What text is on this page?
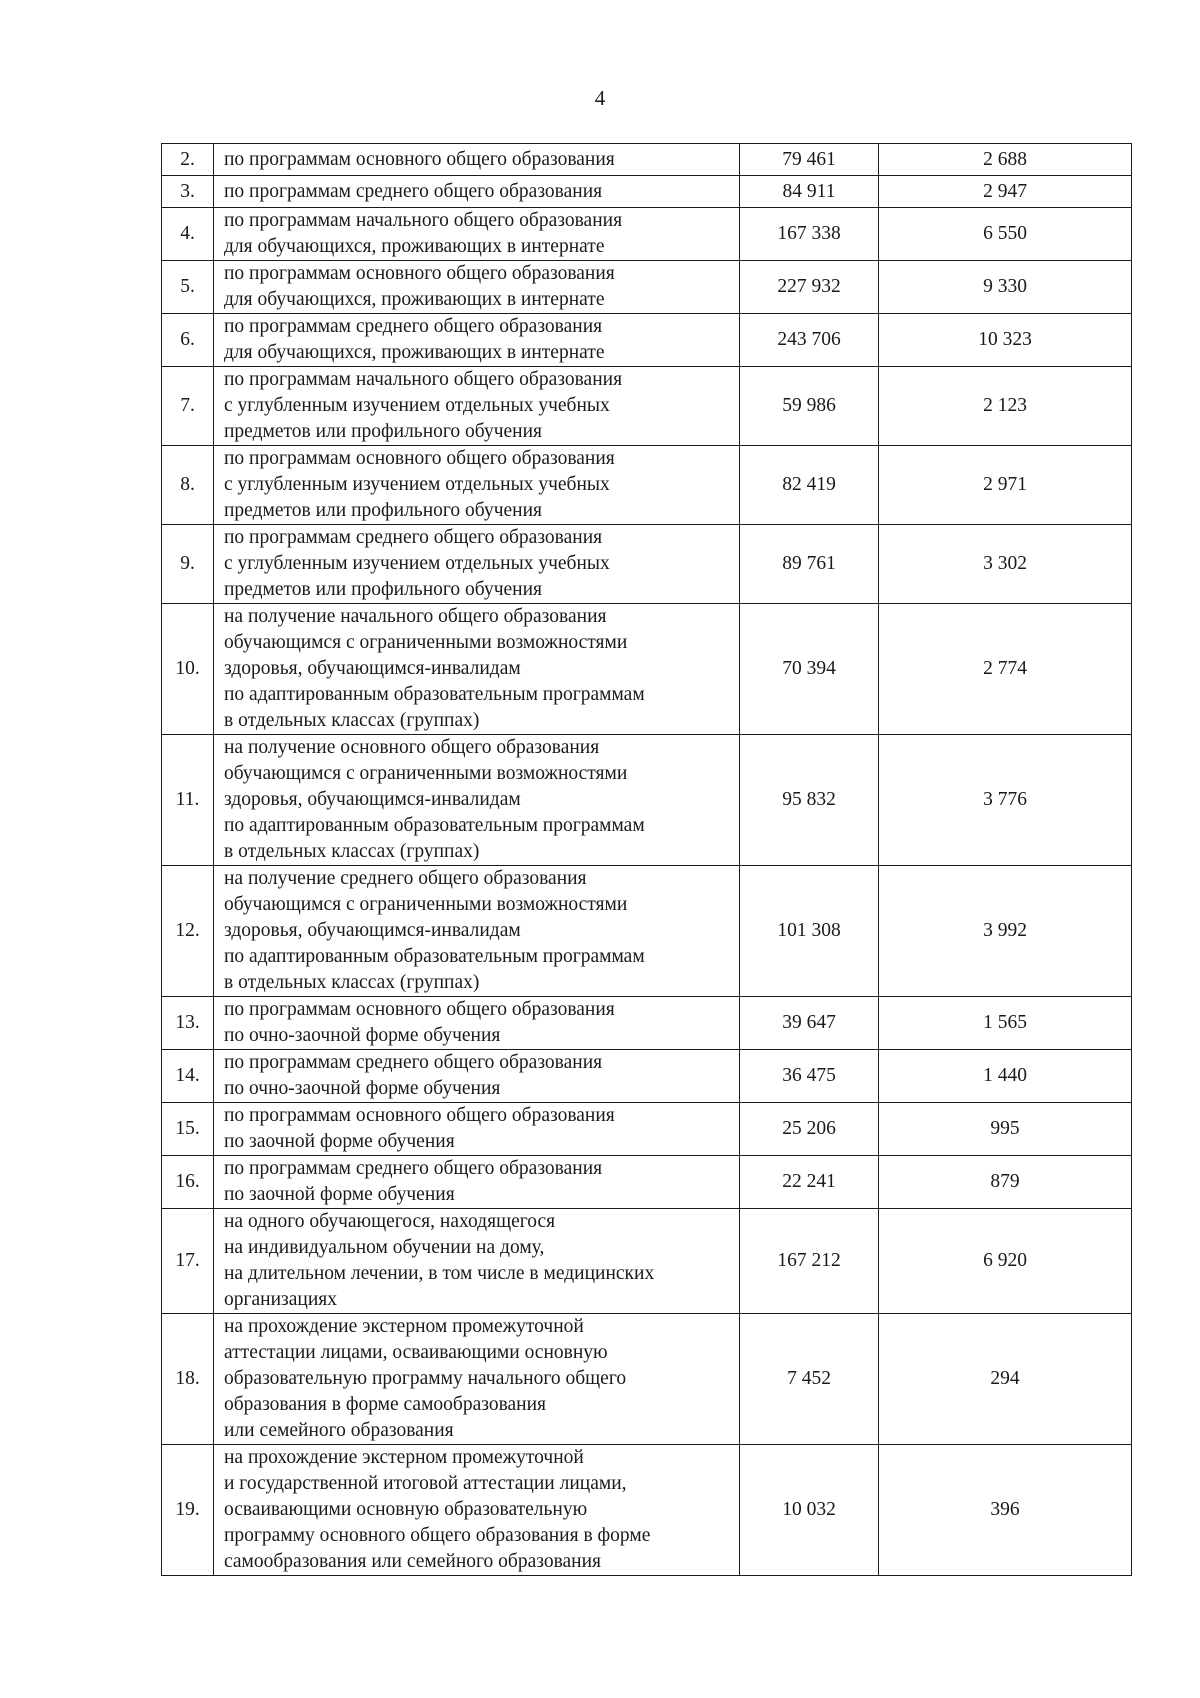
4
2.	по программам основного общего образования	79 461	2 688
3.	по программам среднего общего образования	84 911	2 947
4.	по программам начального общего образования
для обучающихся, проживающих в интернате	167 338	6 550
5.	по программам основного общего образования
для обучающихся, проживающих в интернате	227 932	9 330
6.	по программам среднего общего образования
для обучающихся, проживающих в интернате	243 706	10 323
7.	по программам начального общего образования
с углубленным изучением отдельных учебных
предметов или профильного обучения	59 986	2 123
8.	по программам основного общего образования
с углубленным изучением отдельных учебных
предметов или профильного обучения	82 419	2 971
9.	по программам среднего общего образования
с углубленным изучением отдельных учебных
предметов или профильного обучения	89 761	3 302
10.	на получение начального общего образования
обучающимся с ограниченными возможностями
здоровья, обучающимся-инвалидам
по адаптированным образовательным программам
в отдельных классах (группах)	70 394	2 774
11.	на получение основного общего образования
обучающимся с ограниченными возможностями
здоровья, обучающимся-инвалидам
по адаптированным образовательным программам
в отдельных классах (группах)	95 832	3 776
12.	на получение среднего общего образования
обучающимся с ограниченными возможностями
здоровья, обучающимся-инвалидам
по адаптированным образовательным программам
в отдельных классах (группах)	101 308	3 992
13.	по программам основного общего образования
по очно-заочной форме обучения	39 647	1 565
14.	по программам среднего общего образования
по очно-заочной форме обучения	36 475	1 440
15.	по программам основного общего образования
по заочной форме обучения	25 206	995
16.	по программам среднего общего образования
по заочной форме обучения	22 241	879
17.	на одного обучающегося, находящегося
на индивидуальном обучении на дому,
на длительном лечении, в том числе в медицинских
организациях	167 212	6 920
18.	на прохождение экстерном промежуточной
аттестации лицами, осваивающими основную
образовательную программу начального общего
образования в форме самообразования
или семейного образования	7 452	294
19.	на прохождение экстерном промежуточной
и государственной итоговой аттестации лицами,
осваивающими основную образовательную
программу основного общего образования в форме
самообразования или семейного образования	10 032	396
